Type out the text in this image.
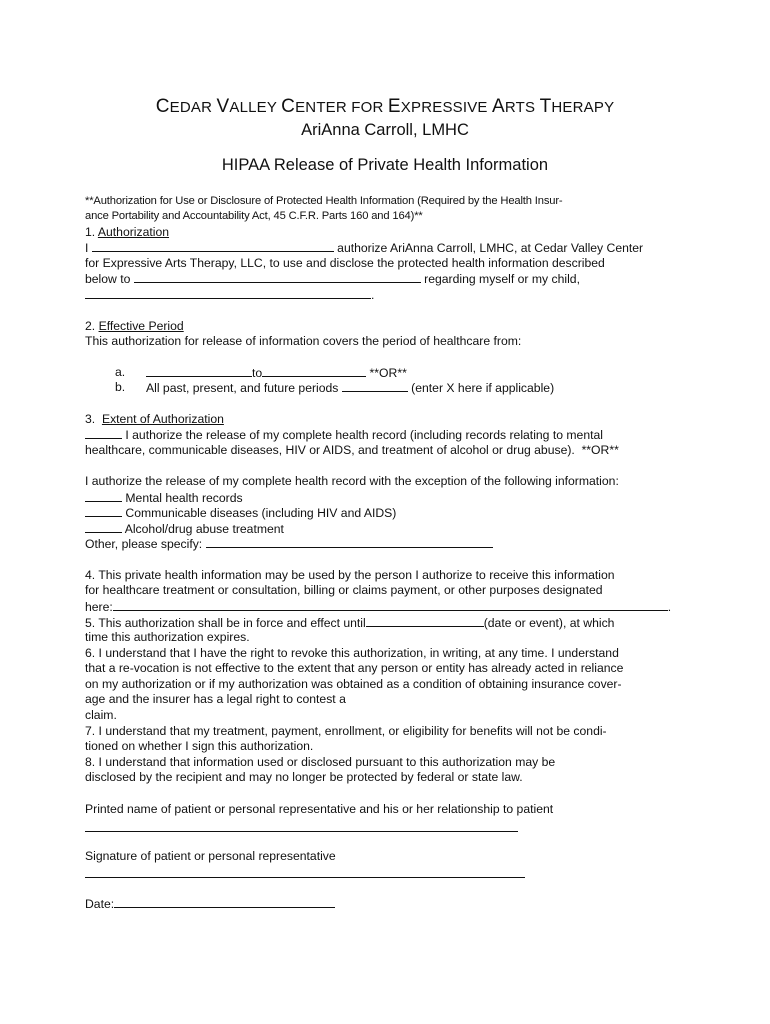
CEDAR VALLEY CENTER FOR EXPRESSIVE ARTS THERAPY
AriAnna Carroll, LMHC
HIPAA Release of Private Health Information
**Authorization for Use or Disclosure of Protected Health Information (Required by the Health Insur-
ance Portability and Accountability Act, 45 C.F.R. Parts 160 and 164)**
1. Authorization
I	authorize AriAnna Carroll, LMHC, at Cedar Valley Center
for Expressive Arts Therapy, LLC, to use and disclose the protected health information described
below to	regarding myself or my child,
.
2. Effective Period
This authorization for release of information covers the period of healthcare from:
a.	to	**OR**
b. All past, present, and future periods	(enter X here if applicable)
3.  Extent of Authorization
I authorize the release of my complete health record (including records relating to mental
healthcare, communicable diseases, HIV or AIDS, and treatment of alcohol or drug abuse).  **OR**
I authorize the release of my complete health record with the exception of the following information:
Mental health records
Communicable diseases (including HIV and AIDS)
Alcohol/drug abuse treatment
Other, please specify:
4. This private health information may be used by the person I authorize to receive this information
for healthcare treatment or consultation, billing or claims payment, or other purposes designated
here:	.
5. This authorization shall be in force and effect until	(date or event), at which
time this authorization expires.
6. I understand that I have the right to revoke this authorization, in writing, at any time. I understand
that a re-vocation is not effective to the extent that any person or entity has already acted in reliance
on my authorization or if my authorization was obtained as a condition of obtaining insurance cover-
age and the insurer has a legal right to contest a
claim.
7. I understand that my treatment, payment, enrollment, or eligibility for benefits will not be condi-
tioned on whether I sign this authorization.
8. I understand that information used or disclosed pursuant to this authorization may be
disclosed by the recipient and may no longer be protected by federal or state law.
Printed name of patient or personal representative and his or her relationship to patient
Signature of patient or personal representative
Date:
